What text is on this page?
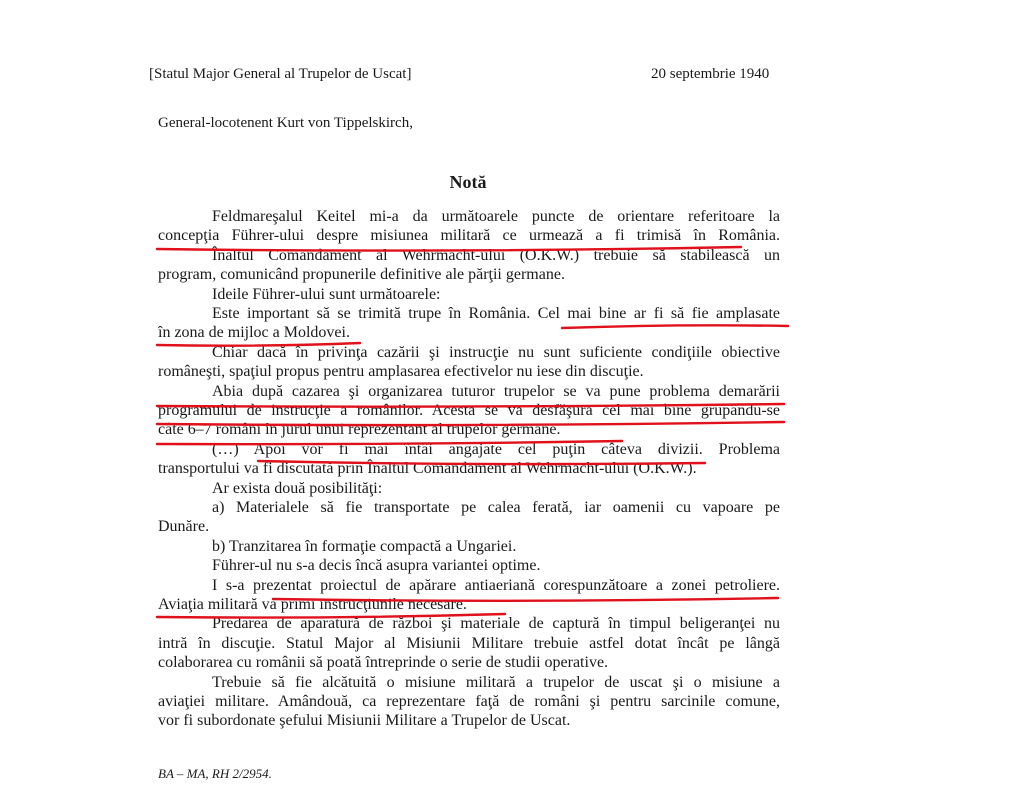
[Statul Major General al Trupelor de Uscat]	20 septembrie 1940
General-locotenent Kurt von Tippelskirch,
Notă
Feldmareşalul Keitel mi-a da următoarele puncte de orientare referitoare la
concepţia Führer-ului despre misiunea militară ce urmează a fi trimisă în România.
Înaltul Comandament al Wehrmacht-ului (O.K.W.) trebuie să stabilească un
program, comunicând propunerile definitive ale părţii germane.
Ideile Führer-ului sunt următoarele:
Este important să se trimită trupe în România. Cel mai bine ar fi să fie amplasate
în zona de mijloc a Moldovei.
Chiar dacă în privinţa cazării şi instrucţie nu sunt suficiente condiţiile obiective
româneşti, spaţiul propus pentru amplasarea efectivelor nu iese din discuţie.
Abia după cazarea şi organizarea tuturor trupelor se va pune problema demarării
programului de instrucţie a românilor. Acesta se va desfăşura cel mai bine grupându-se
câte 6–7 români în jurul unui reprezentant al trupelor germane.
(…) Apoi vor fi mai întâi angajate cel puţin câteva divizii. Problema
transportului va fi discutată prin Înaltul Comandament al Wehrmacht-ului (O.K.W.).
Ar exista două posibilităţi:
a) Materialele să fie transportate pe calea ferată, iar oamenii cu vapoare pe
Dunăre.
b) Tranzitarea în formaţie compactă a Ungariei.
Führer-ul nu s-a decis încă asupra variantei optime.
I s-a prezentat proiectul de apărare antiaeriană corespunzătoare a zonei petroliere.
Aviaţia militară va primi instrucţiunile necesare.
Predarea de aparatură de război şi materiale de captură în timpul beligeranţei nu
intră în discuţie. Statul Major al Misiunii Militare trebuie astfel dotat încât pe lângă
colaborarea cu românii să poată întreprinde o serie de studii operative.
Trebuie să fie alcătuită o misiune militară a trupelor de uscat şi o misiune a
aviaţiei militare. Amândouă, ca reprezentare faţă de români şi pentru sarcinile comune,
vor fi subordonate şefului Misiunii Militare a Trupelor de Uscat.
BA – MA, RH 2/2954.
